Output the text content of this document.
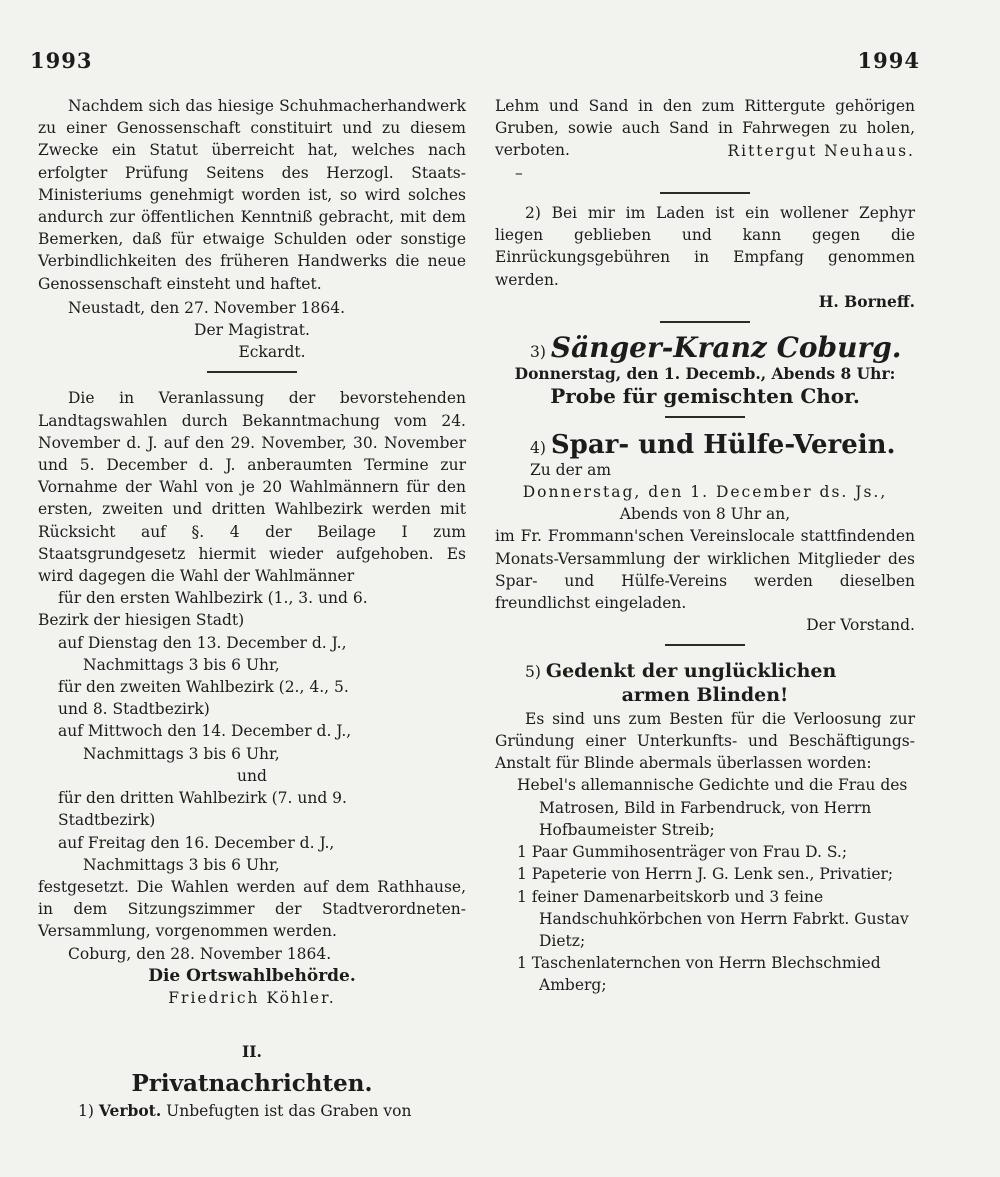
1993	1994
Nachdem sich das hiesige Schuhmacherhandwerk zu einer Genossenschaft constituirt und zu diesem Zwecke ein Statut überreicht hat, welches nach erfolgter Prüfung Seitens des Herzogl. Staats-Ministeriums genehmigt worden ist, so wird solches andurch zur öffentlichen Kenntniß gebracht, mit dem Bemerken, daß für etwaige Schulden oder sonstige Verbindlichkeiten des früheren Handwerks die neue Genossenschaft einsteht und haftet.
Neustadt, den 27. November 1864.
Der Magistrat.
Eckardt.
Die in Veranlassung der bevorstehenden Landtagswahlen durch Bekanntmachung vom 24. November d. J. auf den 29. November, 30. November und 5. December d. J. anberaumten Termine zur Vornahme der Wahl von je 20 Wahlmännern für den ersten, zweiten und dritten Wahlbezirk werden mit Rücksicht auf §. 4 der Beilage I zum Staatsgrundgesetz hiermit wieder aufgehoben. Es wird dagegen die Wahl der Wahlmänner
für den ersten Wahlbezirk (1., 3. und 6.
Bezirk der hiesigen Stadt)
auf Dienstag den 13. December d. J.,
Nachmittags 3 bis 6 Uhr,
für den zweiten Wahlbezirk (2., 4., 5.
und 8. Stadtbezirk)
auf Mittwoch den 14. December d. J.,
Nachmittags 3 bis 6 Uhr,
und
für den dritten Wahlbezirk (7. und 9.
Stadtbezirk)
auf Freitag den 16. December d. J.,
Nachmittags 3 bis 6 Uhr,
festgesetzt. Die Wahlen werden auf dem Rathhause, in dem Sitzungszimmer der Stadtverordneten-Versammlung, vorgenommen werden.
Coburg, den 28. November 1864.
Die Ortswahlbehörde.
Friedrich Köhler.
II.
Privatnachrichten.
1) Verbot. Unbefugten ist das Graben von
Lehm und Sand in den zum Rittergute gehörigen Gruben, sowie auch Sand in Fahrwegen zu holen, verboten.	Rittergut Neuhaus.
–
2) Bei mir im Laden ist ein wollener Zephyr liegen geblieben und kann gegen die Einrückungsgebühren in Empfang genommen werden.
H. Borneff.
3) Sänger-Kranz Coburg.
Donnerstag, den 1. Decemb., Abends 8 Uhr:
Probe für gemischten Chor.
4) Spar- und Hülfe-Verein.
Zu der am
Donnerstag, den 1. December ds. Js.,
Abends von 8 Uhr an,
im Fr. Frommann'schen Vereinslocale stattfindenden Monats-Versammlung der wirklichen Mitglieder des Spar- und Hülfe-Vereins werden dieselben freundlichst eingeladen.
Der Vorstand.
5) Gedenkt der unglücklichen
armen Blinden!
Es sind uns zum Besten für die Verloosung zur Gründung einer Unterkunfts- und Beschäftigungs-Anstalt für Blinde abermals überlassen worden:
Hebel's allemannische Gedichte und die Frau des Matrosen, Bild in Farbendruck, von Herrn Hofbaumeister Streib;
1 Paar Gummihosenträger von Frau D. S.;
1 Papeterie von Herrn J. G. Lenk sen., Privatier;
1 feiner Damenarbeitskorb und 3 feine Handschuhkörbchen von Herrn Fabrkt. Gustav Dietz;
1 Taschenlaternchen von Herrn Blechschmied Amberg;
